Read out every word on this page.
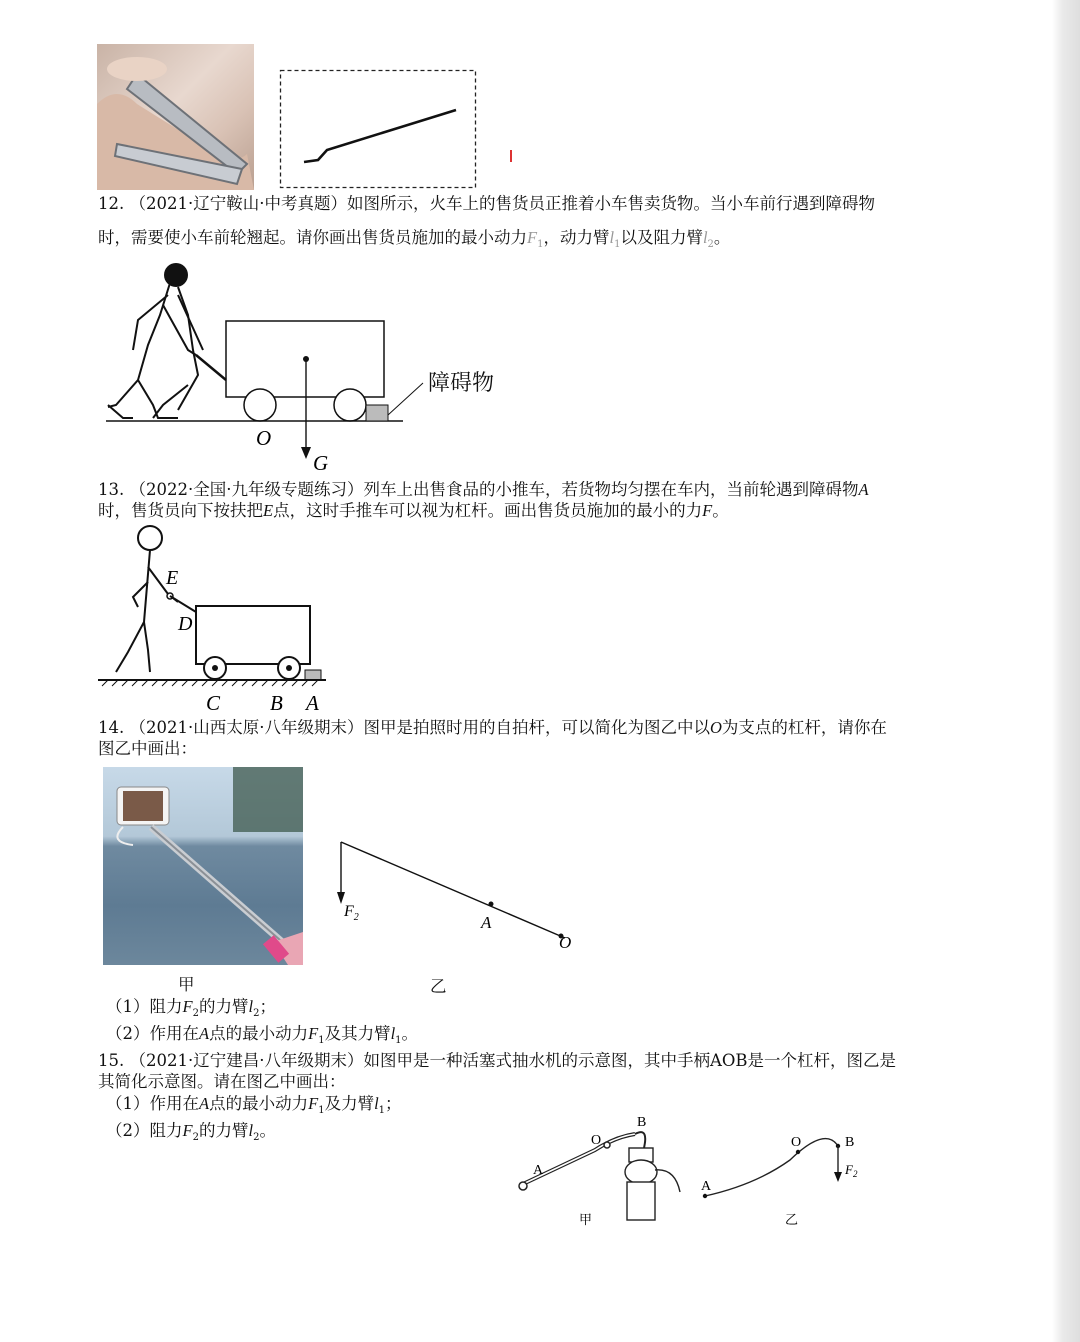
12. （2021·辽宁鞍山·中考真题）如图所示，火车上的售货员正推着小车售卖货物。当小车前行遇到障碍物
时，需要使小车前轮翘起。请你画出售货员施加的最小动力$F_1$，动力臂$l_1$以及阻力臂$l_2$。
障碍物
O
G
13. （2022·全国·九年级专题练习）列车上出售食品的小推车，若货物均匀摆在车内，当前轮遇到障碍物A
时，售货员向下按扶把E点，这时手推车可以视为杠杆。画出售货员施加的最小的力F。
E
D
C B A
14. （2021·山西太原·八年级期末）图甲是拍照时用的自拍杆，可以简化为图乙中以O为支点的杠杆，请你在
图乙中画出：
$F_2$	A
O
甲	乙
（1）阻力$F_2$的力臂$l_2$；
（2）作用在A点的最小动力$F_1$及其力臂$l_1$。
15. （2021·辽宁建昌·八年级期末）如图甲是一种活塞式抽水机的示意图，其中手柄AOB是一个杠杆，图乙是
其简化示意图。请在图乙中画出：
（1）作用在A点的最小动力$F_1$及力臂$l_1$；
（2）阻力$F_2$的力臂$l_2$。
A
O
B
甲
A
O	B
$F_2$
乙
